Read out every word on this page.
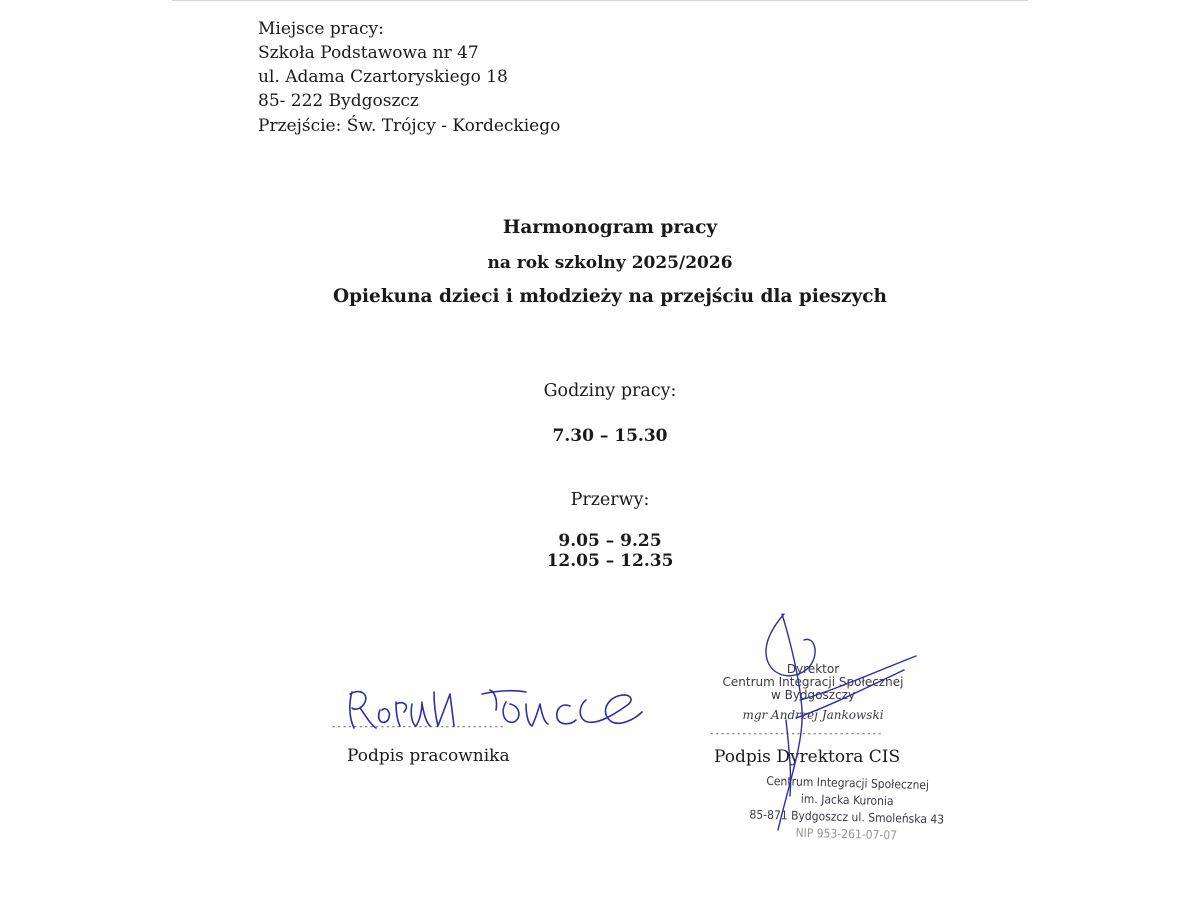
Miejsce pracy:
Szkoła Podstawowa nr 47
ul. Adama Czartoryskiego 18
85- 222 Bydgoszcz
Przejście: Św. Trójcy - Kordeckiego
Harmonogram pracy
na rok szkolny 2025/2026
Opiekuna dzieci i młodzieży na przejściu dla pieszych
Godziny pracy:
7.30 – 15.30
Przerwy:
9.05 – 9.25
12.05 – 12.35
--------------------------------
Podpis pracownika
Dyrektor
Centrum Integracji Społecznej
w Bydgoszczy
mgr Andrzej Jankowski
--------------------------------
Podpis Dyrektora CIS
Centrum Integracji Społecznej
im. Jacka Kuronia
85-871 Bydgoszcz ul. Smoleńska 43
NIP 953-261-07-07
